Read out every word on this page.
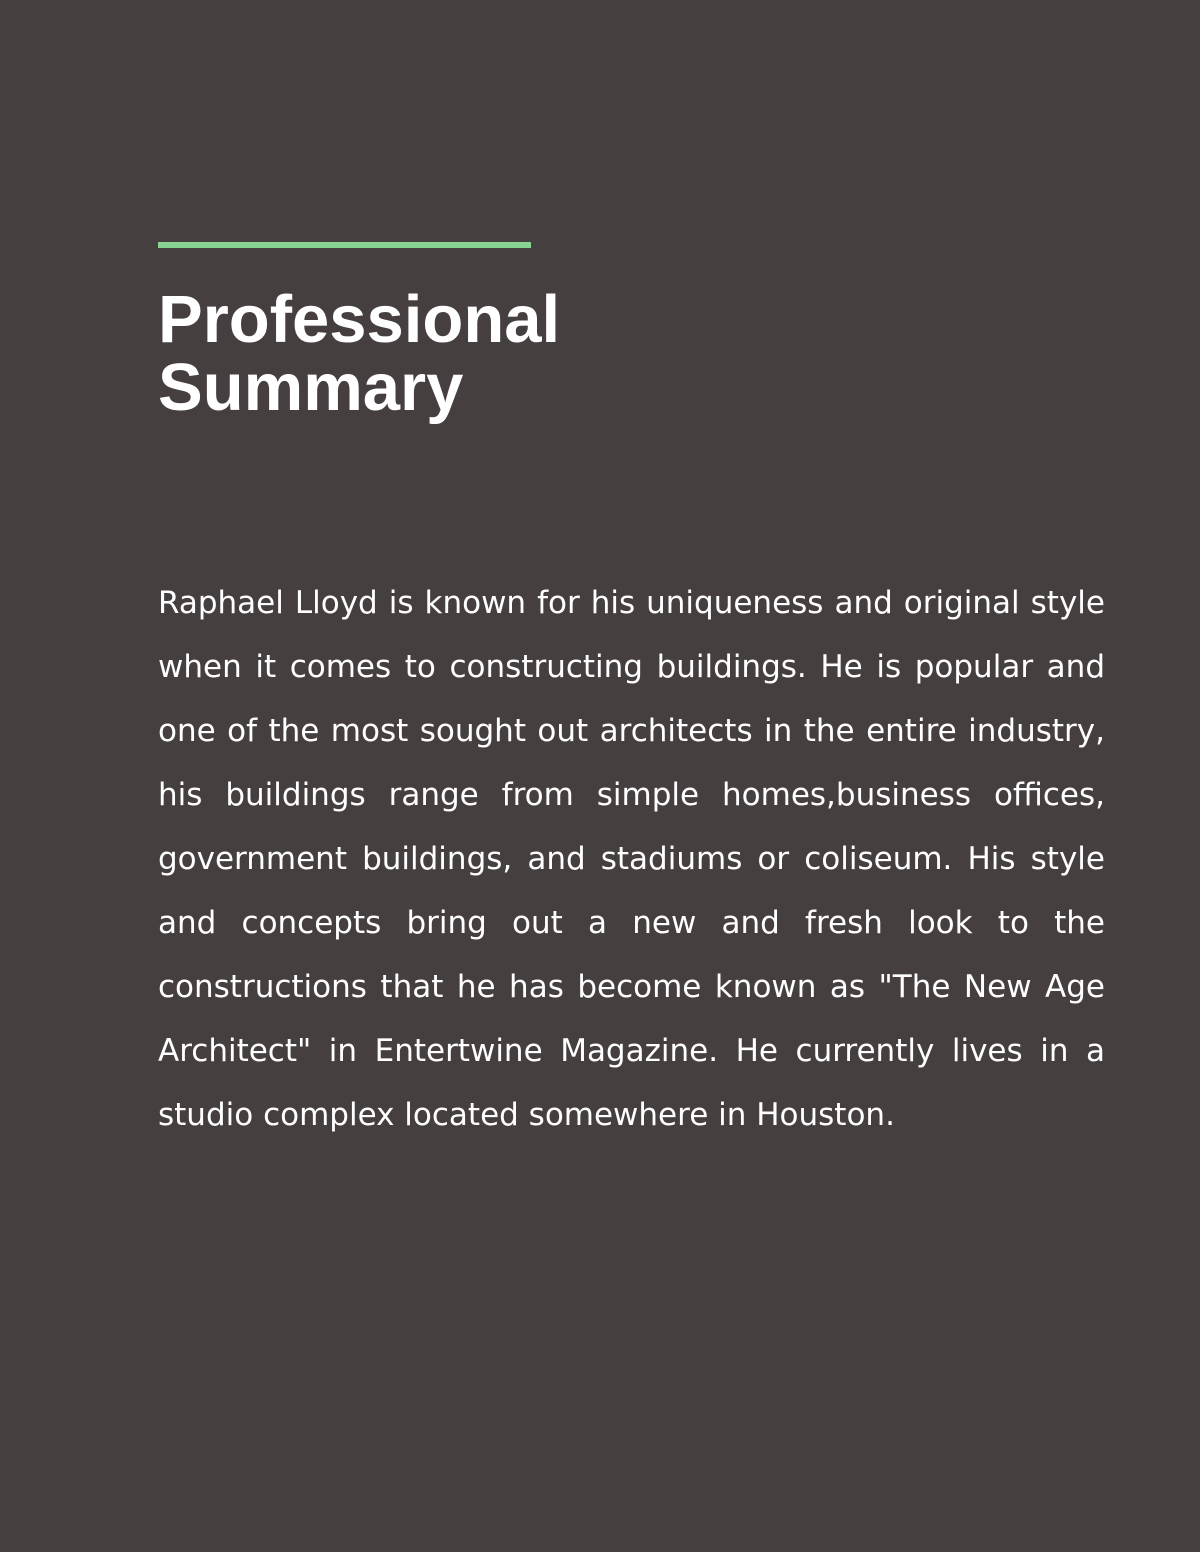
Professional
Summary

Raphael Lloyd is known for his uniqueness and original style when it comes to constructing buildings. He is popular and one of the most sought out architects in the entire industry, his buildings range from simple homes,business offices, government buildings, and stadiums or coliseum. His style and concepts bring out a new and fresh look to the constructions that he has become known as "The New Age Architect" in Entertwine Magazine. He currently lives in a studio complex located somewhere in Houston.
